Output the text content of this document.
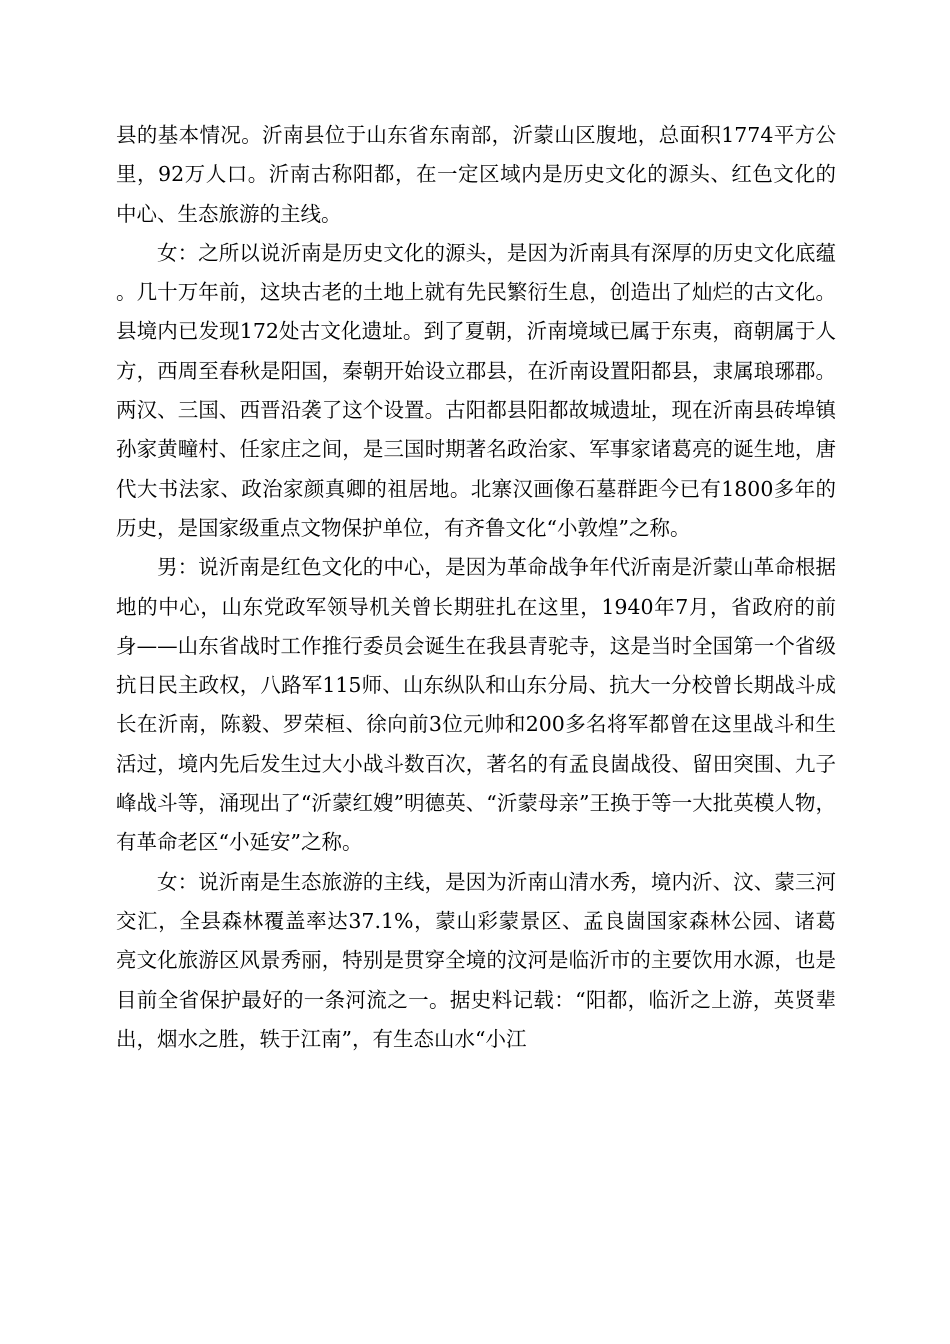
县的基本情况。沂南县位于山东省东南部，沂蒙山区腹地，总面积1774平方公里，92万人口。沂南古称阳都，在一定区域内是历史文化的源头、红色文化的中心、生态旅游的主线。

女：之所以说沂南是历史文化的源头，是因为沂南具有深厚的历史文化底蕴。几十万年前，这块古老的土地上就有先民繁衍生息，创造出了灿烂的古文化。县境内已发现172处古文化遗址。到了夏朝，沂南境域已属于东夷，商朝属于人方，西周至春秋是阳国，秦朝开始设立郡县，在沂南设置阳都县，隶属琅琊郡。两汉、三国、西晋沿袭了这个设置。古阳都县阳都故城遗址，现在沂南县砖埠镇孙家黄疃村、任家庄之间，是三国时期著名政治家、军事家诸葛亮的诞生地，唐代大书法家、政治家颜真卿的祖居地。北寨汉画像石墓群距今已有1800多年的历史，是国家级重点文物保护单位，有齐鲁文化“小敦煌”之称。

男：说沂南是红色文化的中心，是因为革命战争年代沂南是沂蒙山革命根据地的中心，山东党政军领导机关曾长期驻扎在这里，1940年7月，省政府的前身——山东省战时工作推行委员会诞生在我县青驼寺，这是当时全国第一个省级抗日民主政权，八路军115师、山东纵队和山东分局、抗大一分校曾长期战斗成长在沂南，陈毅、罗荣桓、徐向前3位元帅和200多名将军都曾在这里战斗和生活过，境内先后发生过大小战斗数百次，著名的有孟良崮战役、留田突围、九子峰战斗等，涌现出了“沂蒙红嫂”明德英、“沂蒙母亲”王换于等一大批英模人物，有革命老区“小延安”之称。

女：说沂南是生态旅游的主线，是因为沂南山清水秀，境内沂、汶、蒙三河交汇，全县森林覆盖率达37.1%，蒙山彩蒙景区、孟良崮国家森林公园、诸葛亮文化旅游区风景秀丽，特别是贯穿全境的汶河是临沂市的主要饮用水源，也是目前全省保护最好的一条河流之一。据史料记载：“阳都，临沂之上游，英贤辈出，烟水之胜，轶于江南”，有生态山水“小江
